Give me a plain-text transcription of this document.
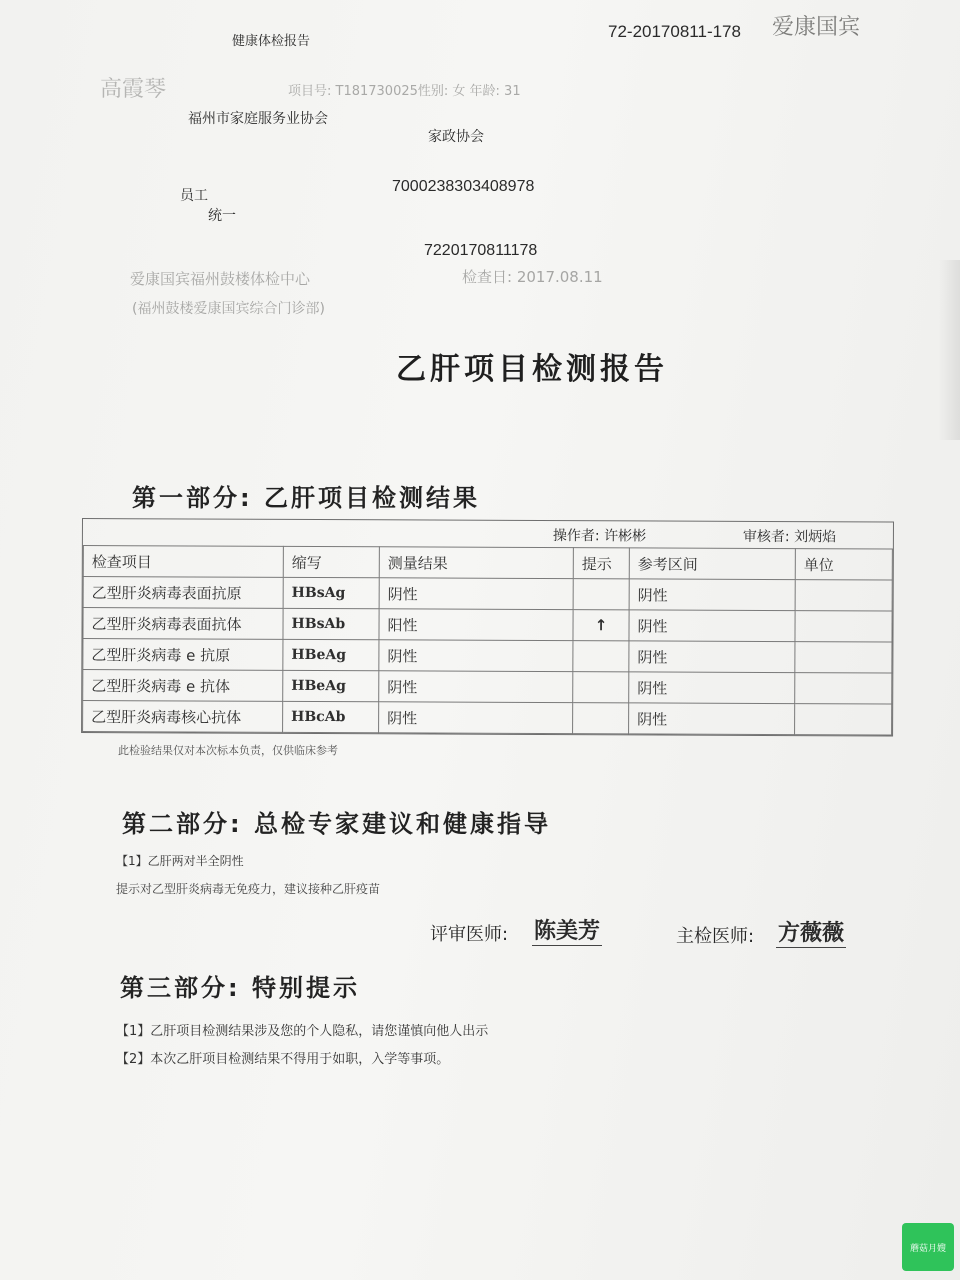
健康体检报告
72-20170811-178 爱康国宾
高霞琴	项目号: T181730025性别: 女 年龄: 31
福州市家庭服务业协会
家政协会
员工
7000238303408978
统一
7220170811178
爱康国宾福州鼓楼体检中心	检查日: 2017.08.11
(福州鼓楼爱康国宾综合门诊部)
乙肝项目检测报告
第一部分: 乙肝项目检测结果
操作者: 许彬彬	审核者: 刘炳焰
检查项目	缩写	测量结果	提示	参考区间	单位
乙型肝炎病毒表面抗原	HBsAg	阴性		阴性	
乙型肝炎病毒表面抗体	HBsAb	阳性	↑	阴性	
乙型肝炎病毒 e 抗原	HBeAg	阴性		阴性	
乙型肝炎病毒 e 抗体	HBeAg	阴性		阴性	
乙型肝炎病毒核心抗体	HBcAb	阴性		阴性	
此检验结果仅对本次标本负责，仅供临床参考
第二部分: 总检专家建议和健康指导
【1】乙肝两对半全阴性
提示对乙型肝炎病毒无免疫力，建议接种乙肝疫苗
评审医师: 陈美芳	主检医师: 方薇薇
第三部分: 特别提示
【1】乙肝项目检测结果涉及您的个人隐私，请您谨慎向他人出示
【2】本次乙肝项目检测结果不得用于如职，入学等事项。
蘑菇月嫂
